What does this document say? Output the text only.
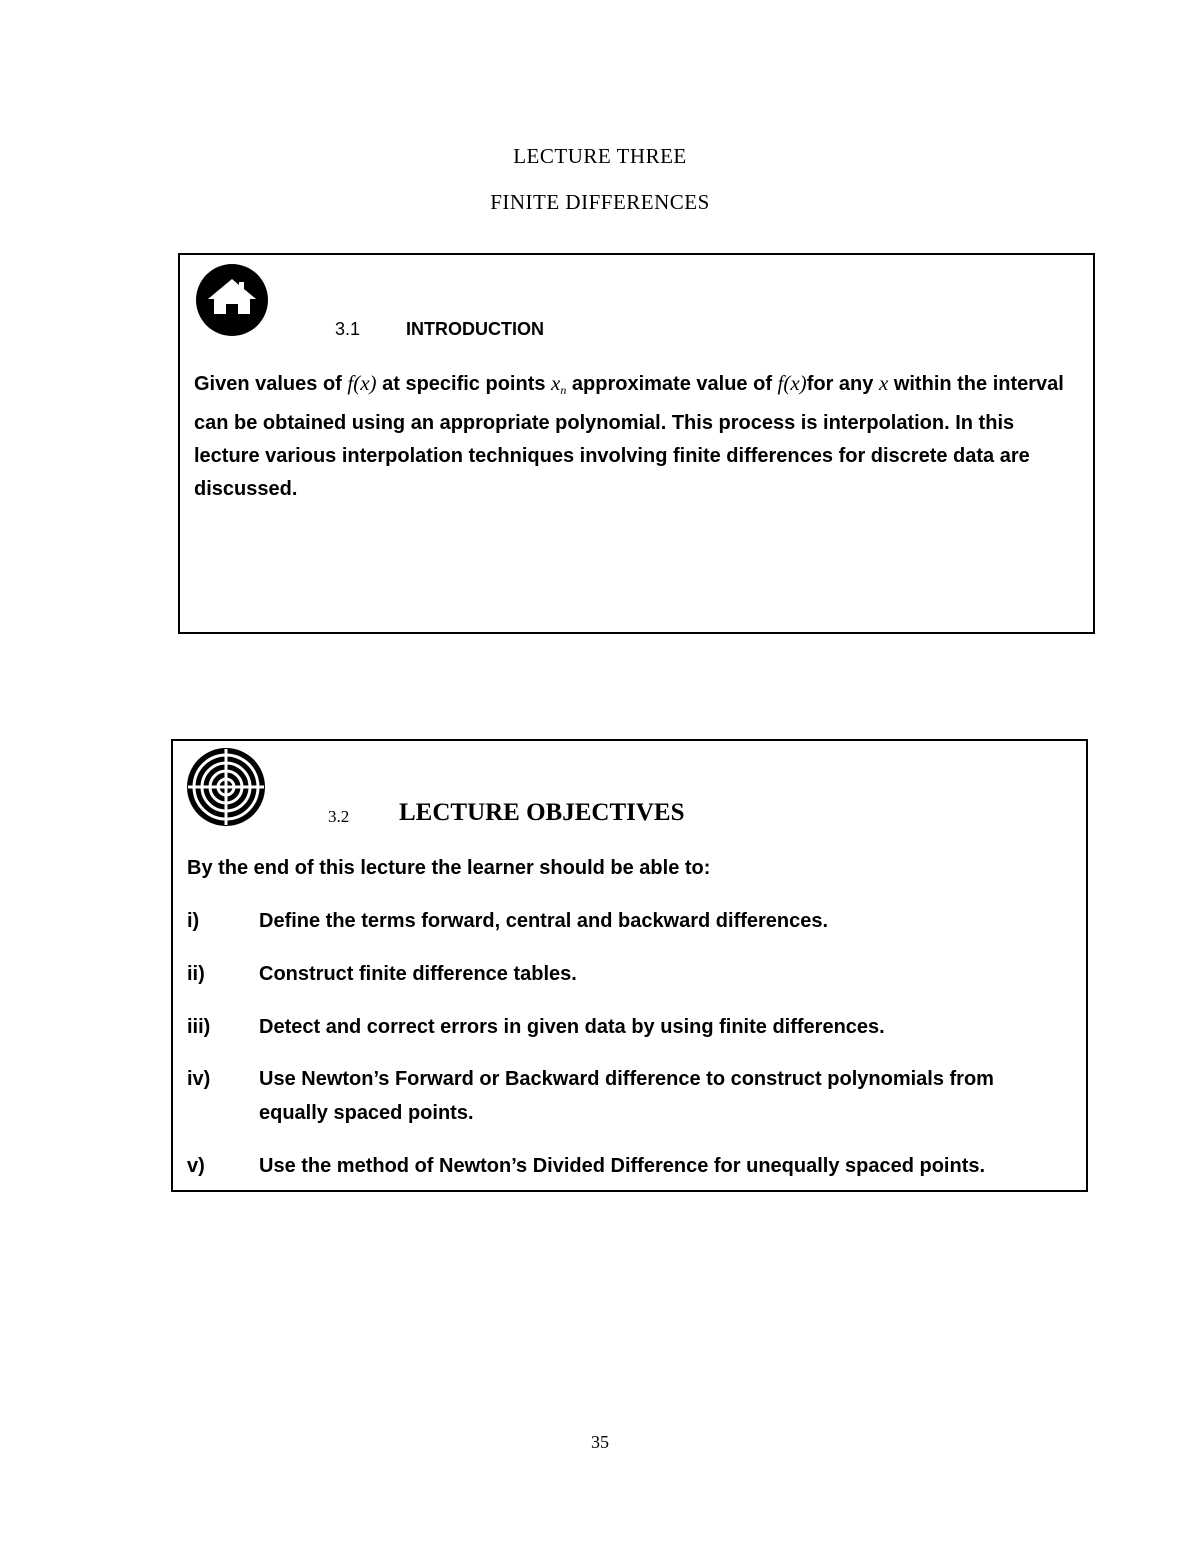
LECTURE THREE
FINITE DIFFERENCES
3.1	INTRODUCTION
Given values of f(x) at specific points $x_n$ approximate value of f(x)for any x within the interval can be obtained using an appropriate polynomial. This process is interpolation. In this lecture various interpolation techniques involving finite differences for discrete data are discussed.
3.2 LECTURE OBJECTIVES
By the end of this lecture the learner should be able to:
i)	Define the terms forward, central and backward differences.
ii)	Construct finite difference tables.
iii) Detect and correct errors in given data by using finite differences.
iv) Use Newton’s Forward or Backward difference to construct polynomials from equally spaced points.
v)	Use the method of Newton’s Divided Difference for unequally spaced points.
35
